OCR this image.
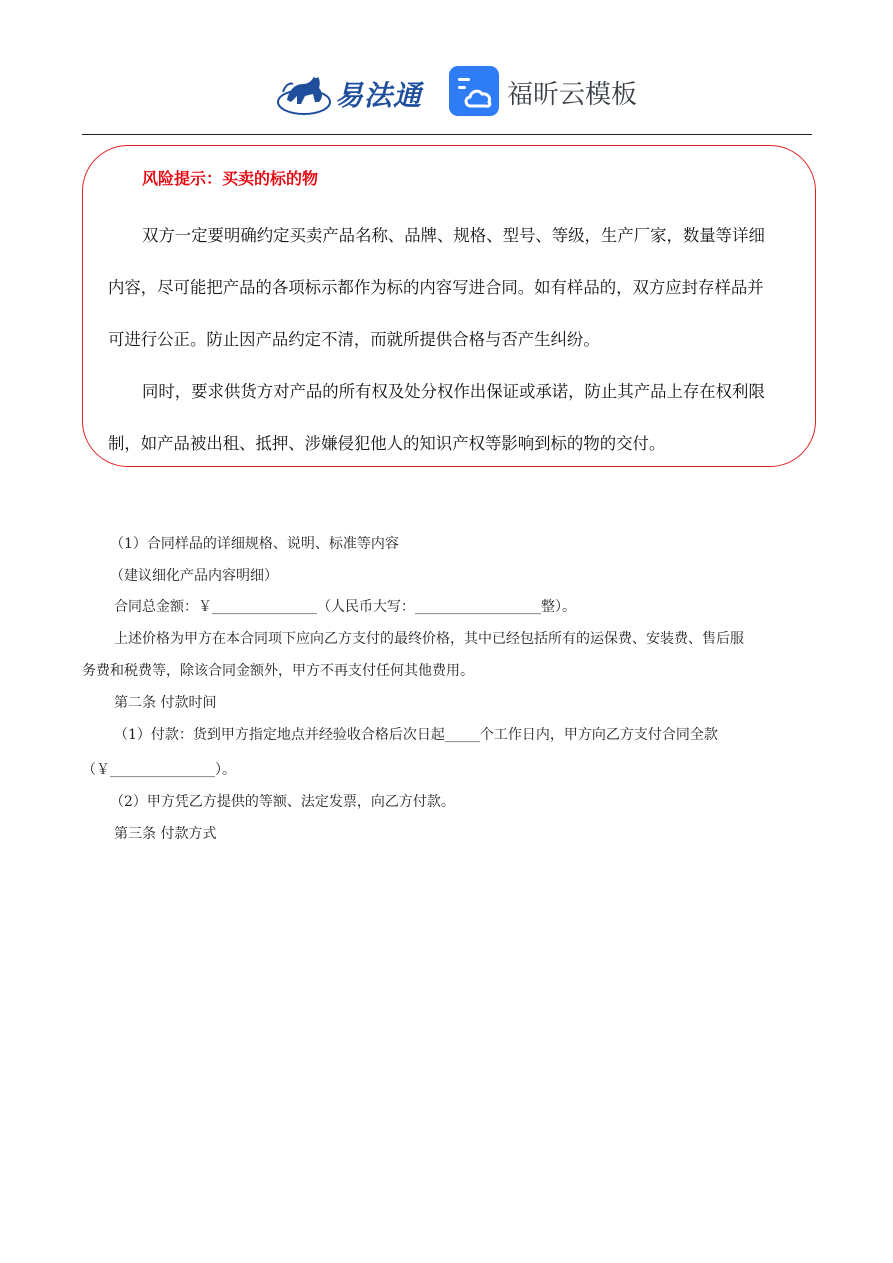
易法通	福昕云模板
风险提示：买卖的标的物
双方一定要明确约定买卖产品名称、品牌、规格、型号、等级，生产厂家，数量等详细
内容，尽可能把产品的各项标示都作为标的内容写进合同。如有样品的，双方应封存样品并
可进行公正。防止因产品约定不清，而就所提供合格与否产生纠纷。
同时，要求供货方对产品的所有权及处分权作出保证或承诺，防止其产品上存在权利限
制，如产品被出租、抵押、涉嫌侵犯他人的知识产权等影响到标的物的交付。

（1）合同样品的详细规格、说明、标准等内容

（建议细化产品内容明细）

合同总金额：￥_______________（人民币大写：__________________整）。

上述价格为甲方在本合同项下应向乙方支付的最终价格，其中已经包括所有的运保费、安装费、售后服

务费和税费等，除该合同金额外，甲方不再支付任何其他费用。

第二条 付款时间

（1）付款：货到甲方指定地点并经验收合格后次日起_____个工作日内，甲方向乙方支付合同全款

（￥_______________）。

（2）甲方凭乙方提供的等额、法定发票，向乙方付款。

第三条 付款方式
